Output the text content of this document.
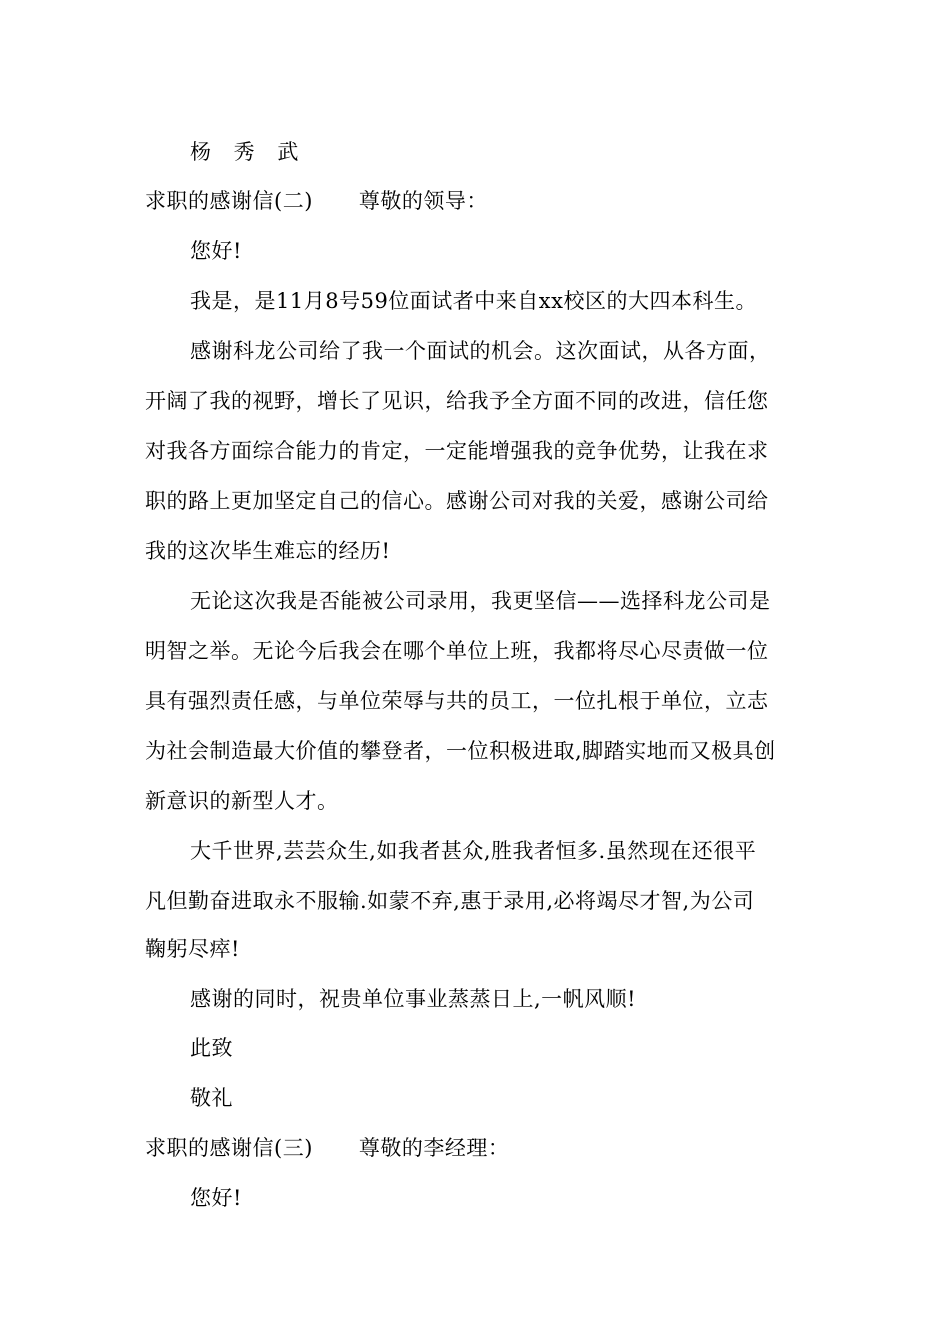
杨 秀 武
求职的感谢信(二) 尊敬的领导：
您好!
我是，是11月8号59位面试者中来自xx校区的大四本科生。
感谢科龙公司给了我一个面试的机会。这次面试，从各方面，
开阔了我的视野，增长了见识，给我予全方面不同的改进，信任您
对我各方面综合能力的肯定，一定能增强我的竞争优势，让我在求
职的路上更加坚定自己的信心。感谢公司对我的关爱，感谢公司给
我的这次毕生难忘的经历!
无论这次我是否能被公司录用，我更坚信——选择科龙公司是
明智之举。无论今后我会在哪个单位上班，我都将尽心尽责做一位
具有强烈责任感，与单位荣辱与共的员工，一位扎根于单位，立志
为社会制造最大价值的攀登者，一位积极进取,脚踏实地而又极具创
新意识的新型人才。
大千世界,芸芸众生,如我者甚众,胜我者恒多.虽然现在还很平
凡但勤奋进取永不服输.如蒙不弃,惠于录用,必将竭尽才智,为公司
鞠躬尽瘁!
感谢的同时，祝贵单位事业蒸蒸日上,一帆风顺!
此致
敬礼
求职的感谢信(三) 尊敬的李经理：
您好!
